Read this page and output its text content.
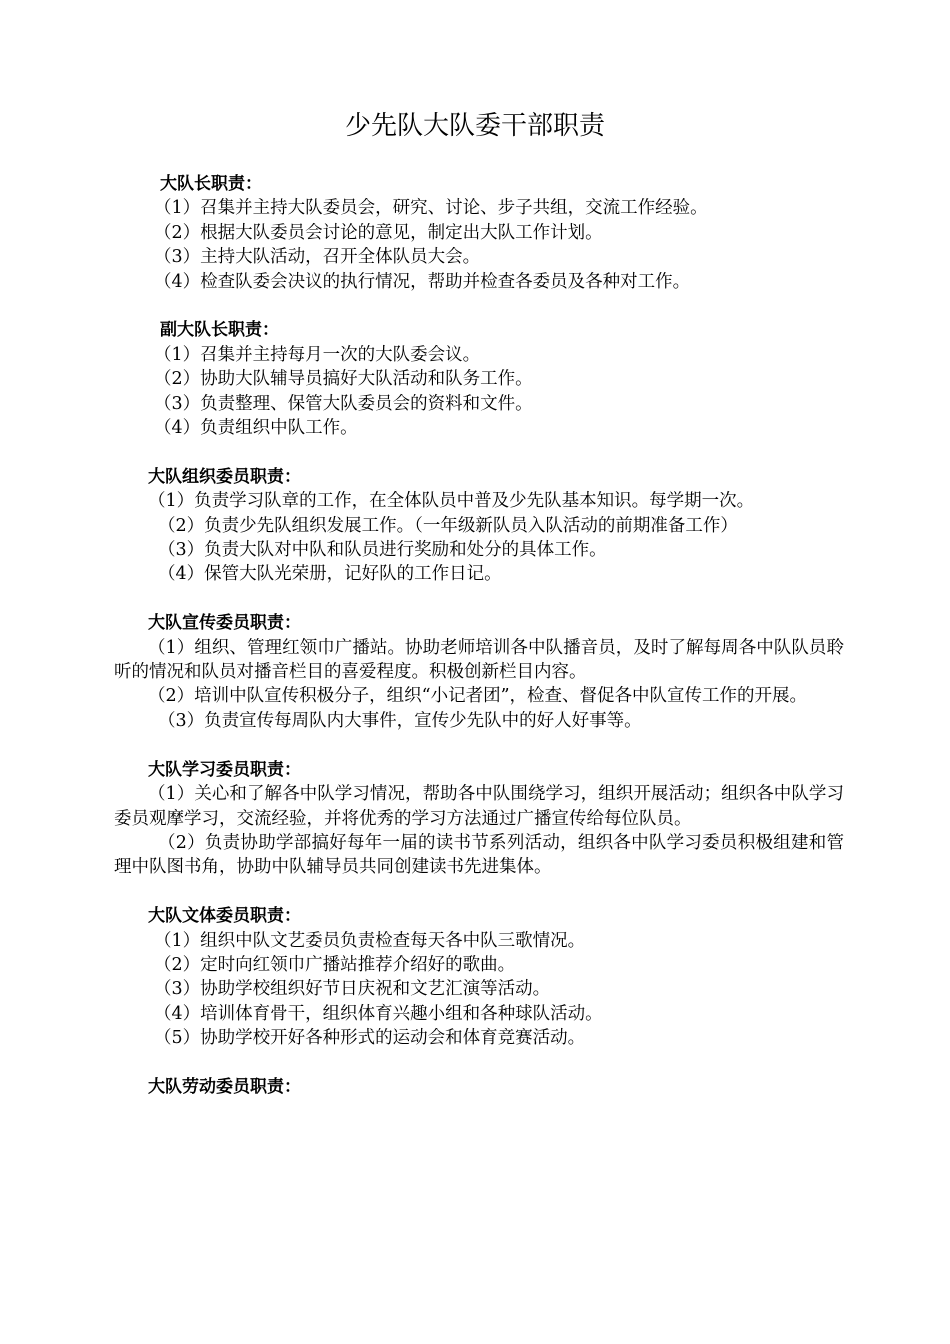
少先队大队委干部职责

大队长职责：

（1）召集并主持大队委员会，研究、讨论、步子共组，交流工作经验。

（2）根据大队委员会讨论的意见，制定出大队工作计划。

（3）主持大队活动，召开全体队员大会。

（4）检查队委会决议的执行情况，帮助并检查各委员及各种对工作。

副大队长职责：

（1）召集并主持每月一次的大队委会议。

（2）协助大队辅导员搞好大队活动和队务工作。

（3）负责整理、保管大队委员会的资料和文件。

（4）负责组织中队工作。

大队组织委员职责：

（1）负责学习队章的工作，在全体队员中普及少先队基本知识。每学期一次。

（2）负责少先队组织发展工作。（一年级新队员入队活动的前期准备工作）

（3）负责大队对中队和队员进行奖励和处分的具体工作。

（4）保管大队光荣册，记好队的工作日记。

大队宣传委员职责：

（1）组织、管理红领巾广播站。协助老师培训各中队播音员，及时了解每周各中队队员聆听的情况和队员对播音栏目的喜爱程度。积极创新栏目内容。

（2）培训中队宣传积极分子，组织“小记者团”，检查、督促各中队宣传工作的开展。

（3）负责宣传每周队内大事件，宣传少先队中的好人好事等。

大队学习委员职责：

（1）关心和了解各中队学习情况，帮助各中队围绕学习，组织开展活动；组织各中队学习委员观摩学习，交流经验，并将优秀的学习方法通过广播宣传给每位队员。

（2）负责协助学部搞好每年一届的读书节系列活动，组织各中队学习委员积极组建和管理中队图书角，协助中队辅导员共同创建读书先进集体。

大队文体委员职责：

（1）组织中队文艺委员负责检查每天各中队三歌情况。

（2）定时向红领巾广播站推荐介绍好的歌曲。

（3）协助学校组织好节日庆祝和文艺汇演等活动。

（4）培训体育骨干，组织体育兴趣小组和各种球队活动。

（5）协助学校开好各种形式的运动会和体育竞赛活动。

大队劳动委员职责：
